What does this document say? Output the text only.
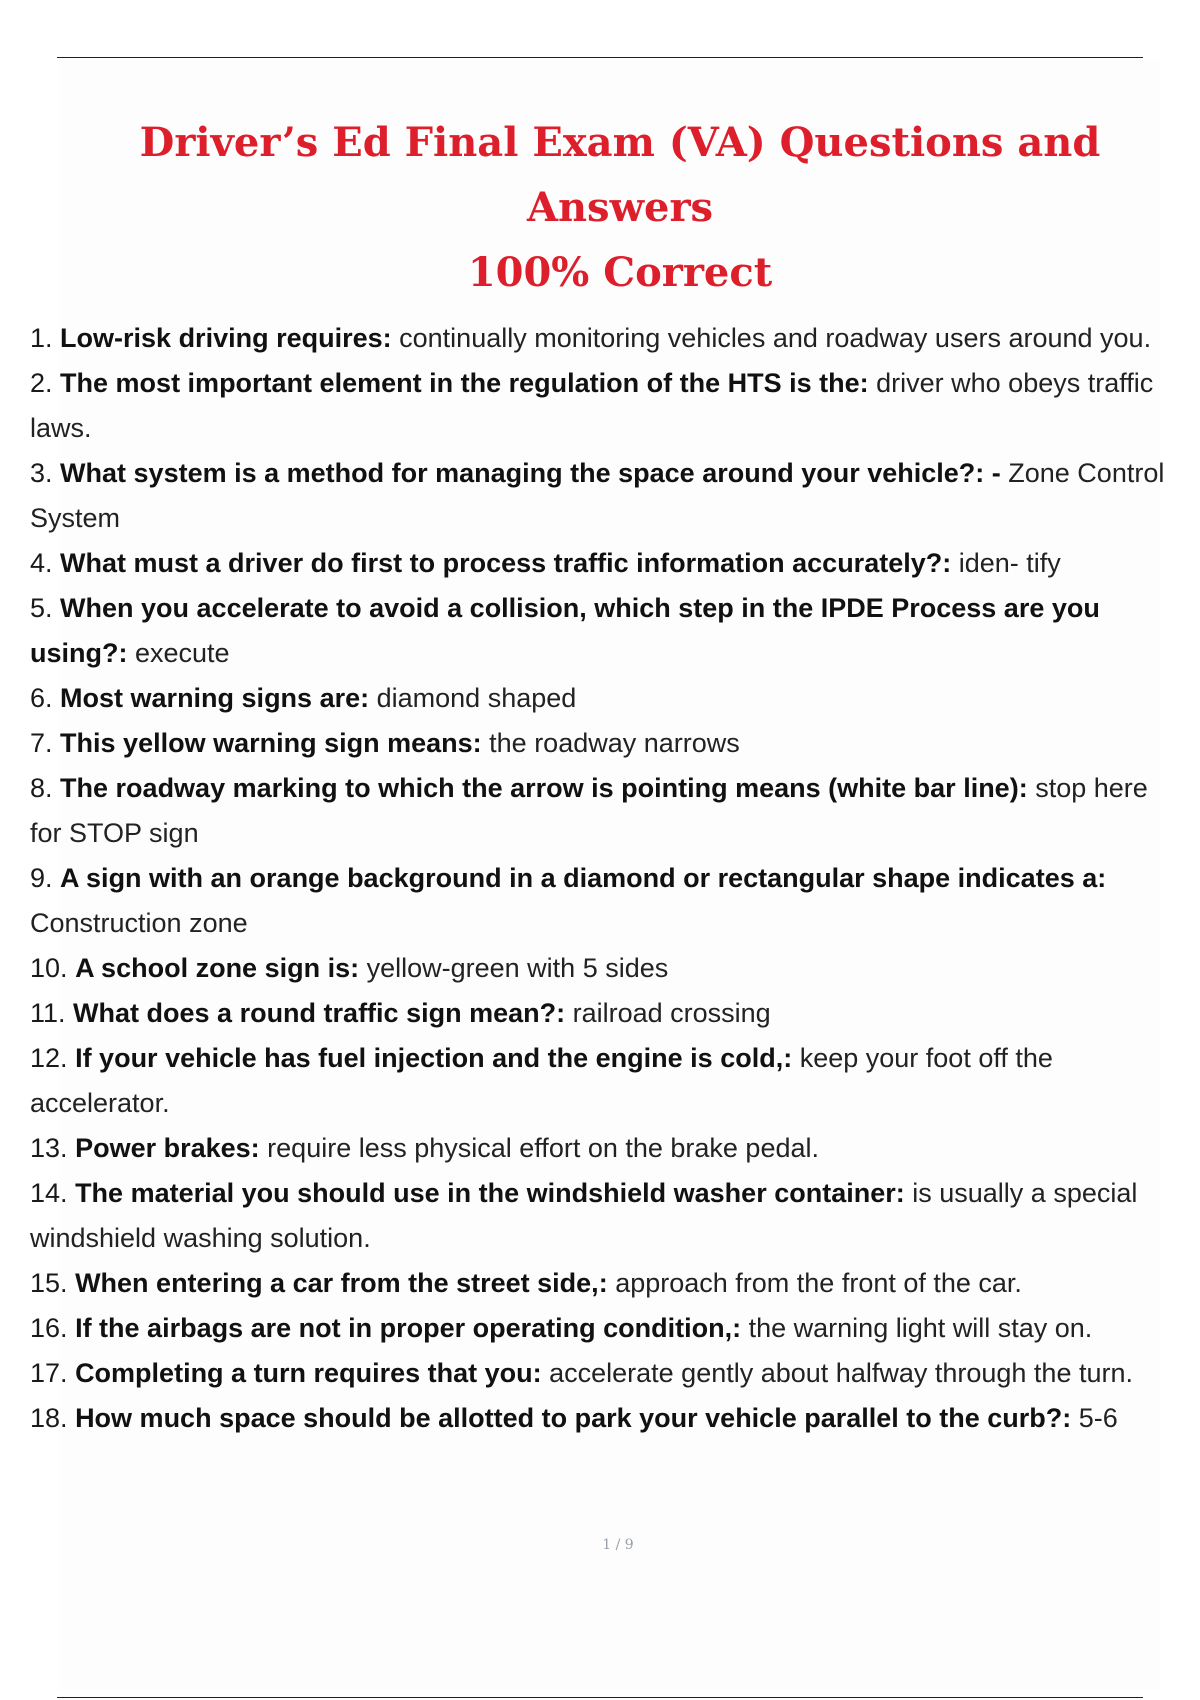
Driver’s Ed Final Exam (VA) Questions and Answers
100% Correct
1. Low-risk driving requires: continually monitoring vehicles and roadway users around you.
2. The most important element in the regulation of the HTS is the: driver who obeys traffic laws.
3. What system is a method for managing the space around your vehicle?: - Zone Control System
4. What must a driver do first to process traffic information accurately?: iden- tify
5. When you accelerate to avoid a collision, which step in the IPDE Process are you using?: execute
6. Most warning signs are: diamond shaped
7. This yellow warning sign means: the roadway narrows
8. The roadway marking to which the arrow is pointing means (white bar line): stop here for STOP sign
9. A sign with an orange background in a diamond or rectangular shape indicates a: Construction zone
10. A school zone sign is: yellow-green with 5 sides
11. What does a round traffic sign mean?: railroad crossing
12. If your vehicle has fuel injection and the engine is cold,: keep your foot off the accelerator.
13. Power brakes: require less physical effort on the brake pedal.
14. The material you should use in the windshield washer container: is usually a special windshield washing solution.
15. When entering a car from the street side,: approach from the front of the car.
16. If the airbags are not in proper operating condition,: the warning light will stay on.
17. Completing a turn requires that you: accelerate gently about halfway through the turn.
18. How much space should be allotted to park your vehicle parallel to the curb?: 5-6
1 / 9
